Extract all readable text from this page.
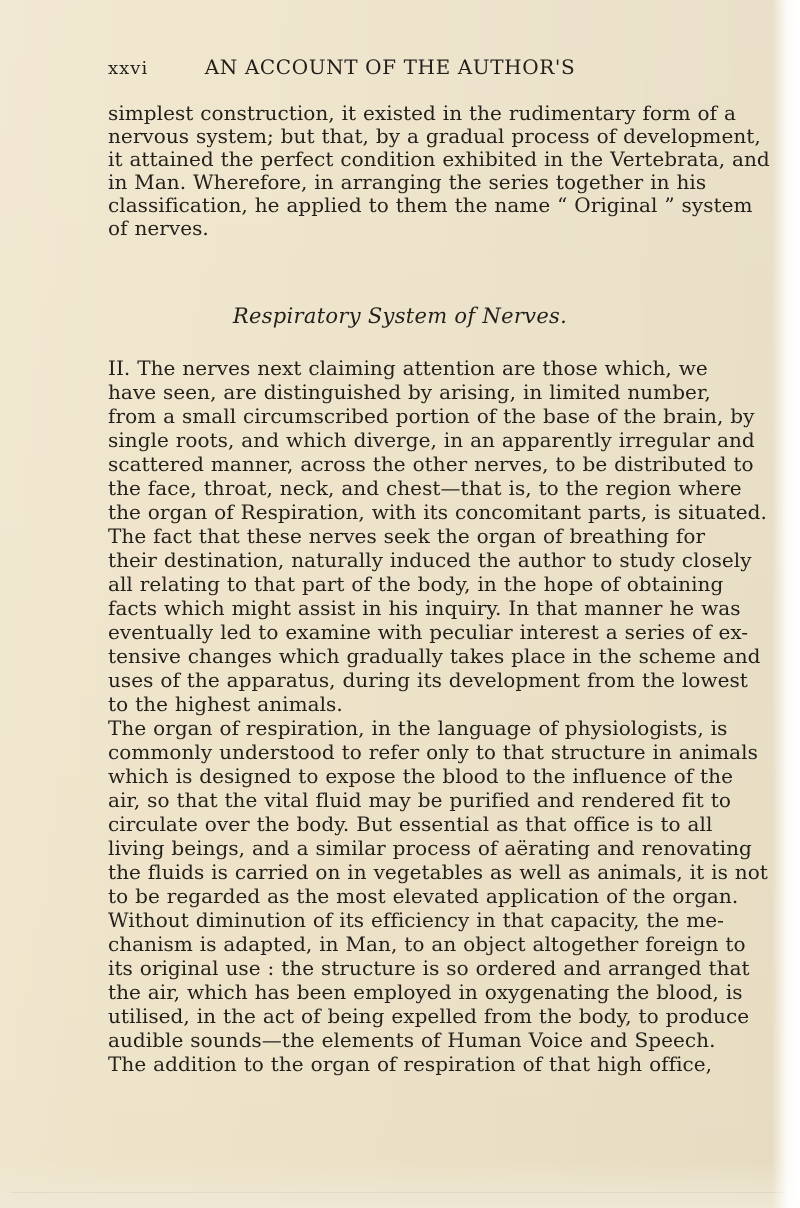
xxvi	AN ACCOUNT OF THE AUTHOR'S
simplest construction, it existed in the rudimentary form of a
nervous system; but that, by a gradual process of development,
it attained the perfect condition exhibited in the Vertebrata, and
in Man. Wherefore, in arranging the series together in his
classification, he applied to them the name “ Original ” system
of nerves.
Respiratory System of Nerves.
II. The nerves next claiming attention are those which, we
have seen, are distinguished by arising, in limited number,
from a small circumscribed portion of the base of the brain, by
single roots, and which diverge, in an apparently irregular and
scattered manner, across the other nerves, to be distributed to
the face, throat, neck, and chest—that is, to the region where
the organ of Respiration, with its concomitant parts, is situated.
The fact that these nerves seek the organ of breathing for
their destination, naturally induced the author to study closely
all relating to that part of the body, in the hope of obtaining
facts which might assist in his inquiry. In that manner he was
eventually led to examine with peculiar interest a series of ex-
tensive changes which gradually takes place in the scheme and
uses of the apparatus, during its development from the lowest
to the highest animals.
The organ of respiration, in the language of physiologists, is
commonly understood to refer only to that structure in animals
which is designed to expose the blood to the influence of the
air, so that the vital fluid may be purified and rendered fit to
circulate over the body. But essential as that office is to all
living beings, and a similar process of aërating and renovating
the fluids is carried on in vegetables as well as animals, it is not
to be regarded as the most elevated application of the organ.
Without diminution of its efficiency in that capacity, the me-
chanism is adapted, in Man, to an object altogether foreign to
its original use : the structure is so ordered and arranged that
the air, which has been employed in oxygenating the blood, is
utilised, in the act of being expelled from the body, to produce
audible sounds—the elements of Human Voice and Speech.
The addition to the organ of respiration of that high office,
